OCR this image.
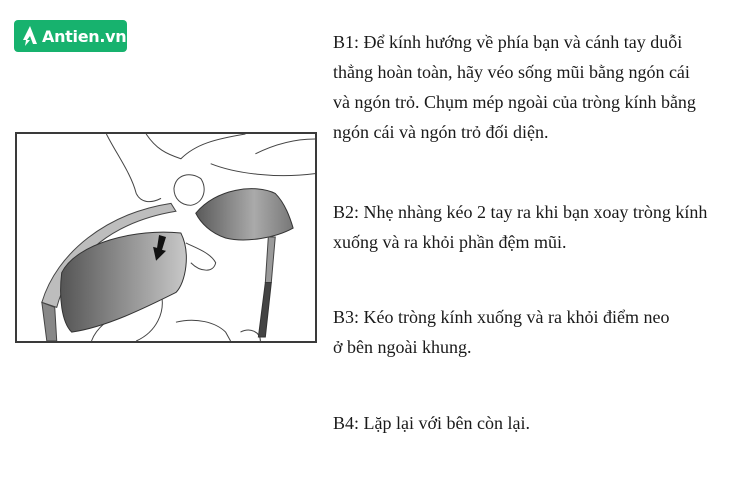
Antien.vn	B1: Để kính hướng về phía bạn và cánh tay duỗi
thẳng hoàn toàn, hãy véo sống mũi bằng ngón cái
và ngón trỏ. Chụm mép ngoài của tròng kính bằng
ngón cái và ngón trỏ đối diện.
B2: Nhẹ nhàng kéo 2 tay ra khi bạn xoay tròng kính
xuống và ra khỏi phần đệm mũi.
B3: Kéo tròng kính xuống và ra khỏi điểm neo
ở bên ngoài khung.
B4: Lặp lại với bên còn lại.
